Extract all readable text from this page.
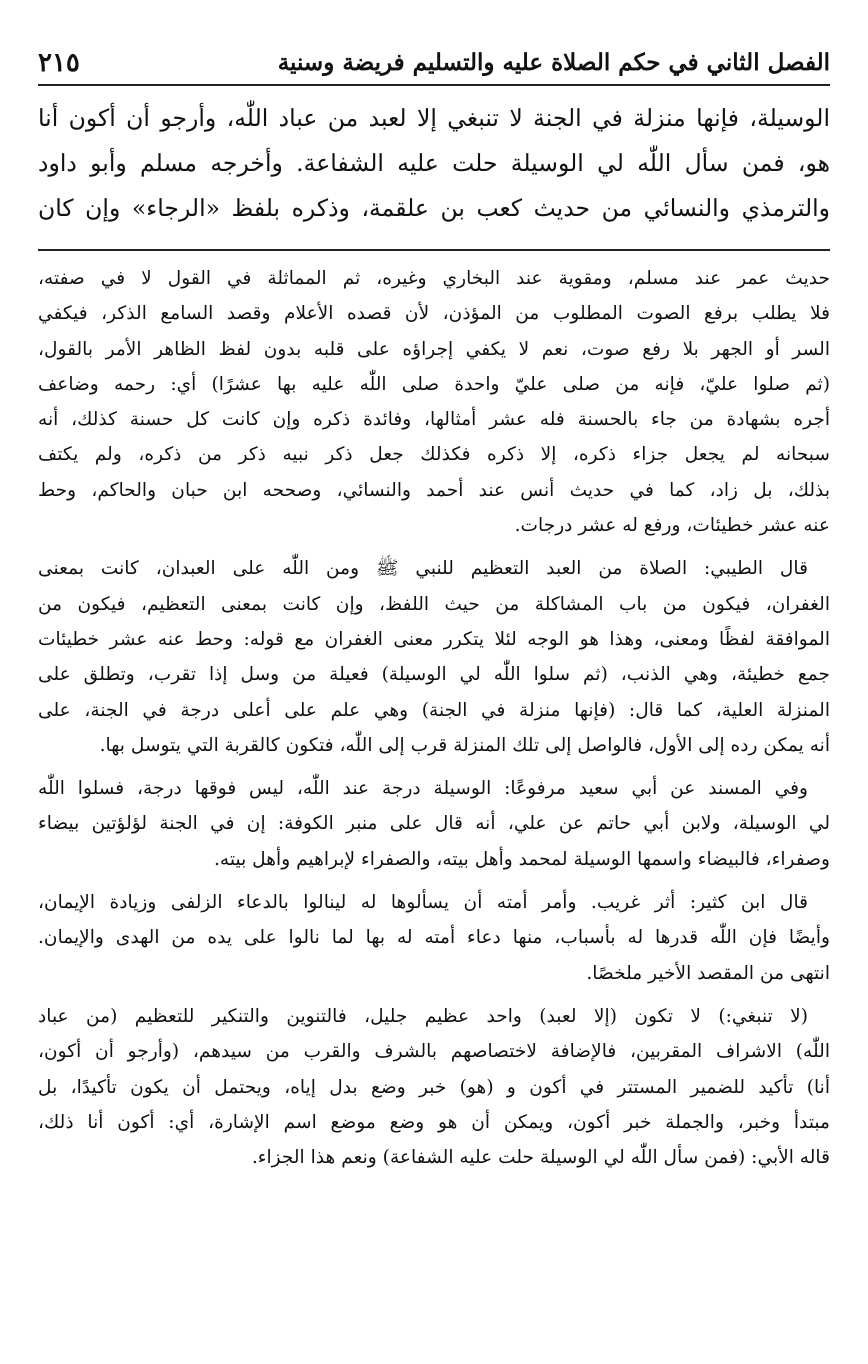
الفصل الثاني في حكم الصلاة عليه والتسليم فريضة وسنية
٢١٥
الوسيلة، فإنها منزلة في الجنة لا تنبغي إلا لعبد من عباد اللّٰه، وأرجو أن أكون أنا
هو، فمن سأل اللّٰه لي الوسيلة حلت عليه الشفاعة. وأخرجه مسلم وأبو داود
والترمذي والنسائي من حديث كعب بن علقمة، وذكره بلفظ «الرجاء» وإن كان
حديث عمر عند مسلم، ومقوية عند البخاري وغيره، ثم المماثلة في القول لا في صفته،
فلا يطلب برفع الصوت المطلوب من المؤذن، لأن قصده الأعلام وقصد السامع الذكر، فيكفي
السر أو الجهر بلا رفع صوت، نعم لا يكفي إجراؤه على قلبه بدون لفظ الظاهر الأمر بالقول،
(ثم صلوا عليّ، فإنه من صلى عليّ واحدة صلى اللّٰه عليه بها عشرًا) أي: رحمه وضاعف
أجره بشهادة من جاء بالحسنة فله عشر أمثالها، وفائدة ذكره وإن كانت كل حسنة كذلك، أنه
سبحانه لم يجعل جزاء ذكره، إلا ذكره فكذلك جعل ذكر نبيه ذكر من ذكره، ولم يكتف
بذلك، بل زاد، كما في حديث أنس عند أحمد والنسائي، وصححه ابن حبان والحاكم، وحط
عنه عشر خطيئات، ورفع له عشر درجات.
قال الطيبي: الصلاة من العبد التعظيم للنبي ﷺ ومن اللّٰه على العبدان، كانت بمعنى
الغفران، فيكون من باب المشاكلة من حيث اللفظ، وإن كانت بمعنى التعظيم، فيكون من
الموافقة لفظًا ومعنى، وهذا هو الوجه لئلا يتكرر معنى الغفران مع قوله: وحط عنه عشر خطيئات
جمع خطيئة، وهي الذنب، (ثم سلوا اللّٰه لي الوسيلة) فعيلة من وسل إذا تقرب، وتطلق على
المنزلة العلية، كما قال: (فإنها منزلة في الجنة) وهي علم على أعلى درجة في الجنة، على
أنه يمكن رده إلى الأول، فالواصل إلى تلك المنزلة قرب إلى اللّٰه، فتكون كالقربة التي يتوسل بها.
وفي المسند عن أبي سعيد مرفوعًا: الوسيلة درجة عند اللّٰه، ليس فوقها درجة، فسلوا اللّٰه
لي الوسيلة، ولابن أبي حاتم عن علي، أنه قال على منبر الكوفة: إن في الجنة لؤلؤتين بيضاء
وصفراء، فالبيضاء واسمها الوسيلة لمحمد وأهل بيته، والصفراء لإبراهيم وأهل بيته.
قال ابن كثير: أثر غريب. وأمر أمته أن يسألوها له لينالوا بالدعاء الزلفى وزيادة الإيمان،
وأيضًا فإن اللّٰه قدرها له بأسباب، منها دعاء أمته له بها لما نالوا على يده من الهدى والإيمان.
انتهى من المقصد الأخير ملخصًا.
(لا تنبغي:) لا تكون (إلا لعبد) واحد عظيم جليل، فالتنوين والتنكير للتعظيم (من عباد
اللّٰه) الاشراف المقربين، فالإضافة لاختصاصهم بالشرف والقرب من سيدهم، (وأرجو أن أكون،
أنا) تأكيد للضمير المستتر في أكون و (هو) خبر وضع بدل إياه، ويحتمل أن يكون تأكيدًا، بل
مبتدأ وخبر، والجملة خبر أكون، ويمكن أن هو وضع موضع اسم الإشارة، أي: أكون أنا ذلك،
قاله الأبي: (فمن سأل اللّٰه لي الوسيلة حلت عليه الشفاعة) ونعم هذا الجزاء.
